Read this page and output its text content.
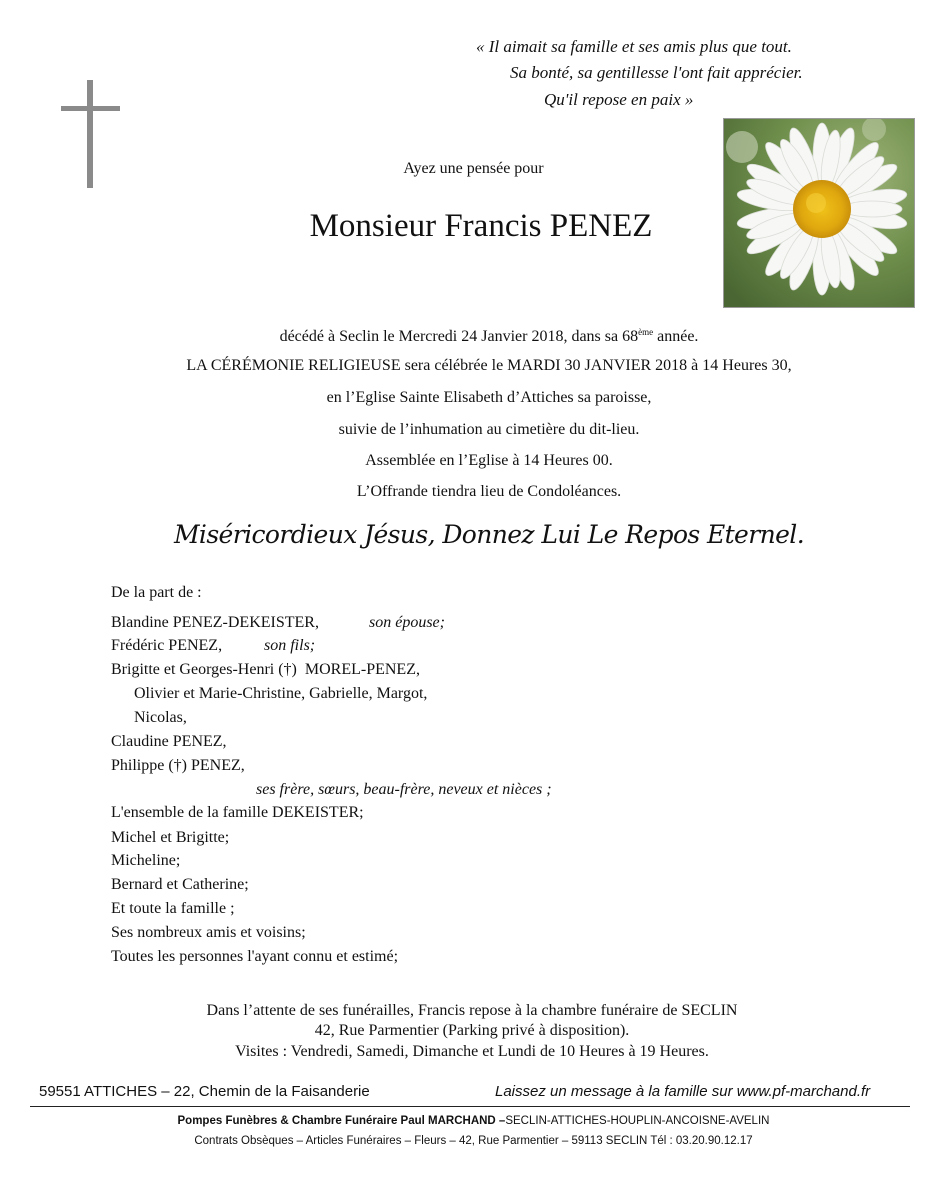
« Il aimait sa famille et ses amis plus que tout.
Sa bonté, sa gentillesse l'ont fait apprécier.
Qu'il repose en paix »
Ayez une pensée pour
Monsieur Francis PENEZ
décédé à Seclin le Mercredi 24 Janvier 2018, dans sa 68ème année.
LA CÉRÉMONIE RELIGIEUSE sera célébrée le MARDI 30 JANVIER 2018 à 14 Heures 30,
en l’Eglise Sainte Elisabeth d’Attiches sa paroisse,
suivie de l’inhumation au cimetière du dit-lieu.
Assemblée en l’Eglise à 14 Heures 00.
L’Offrande tiendra lieu de Condoléances.
Miséricordieux Jésus, Donnez Lui Le Repos Eternel.
De la part de :
Blandine PENEZ-DEKEISTER,	son épouse;
Frédéric PENEZ,	son fils;
Brigitte et Georges-Henri (†)  MOREL-PENEZ,
Olivier et Marie-Christine, Gabrielle, Margot,
Nicolas,
Claudine PENEZ,
Philippe (†) PENEZ,
ses frère, sœurs, beau-frère, neveux et nièces ;
L'ensemble de la famille DEKEISTER;
Michel et Brigitte;
Micheline;
Bernard et Catherine;
Et toute la famille ;
Ses nombreux amis et voisins;
Toutes les personnes l'ayant connu et estimé;
Dans l’attente de ses funérailles, Francis repose à la chambre funéraire de SECLIN
42, Rue Parmentier (Parking privé à disposition).
Visites : Vendredi, Samedi, Dimanche et Lundi de 10 Heures à 19 Heures.
59551 ATTICHES – 22, Chemin de la Faisanderie	Laissez un message à la famille sur www.pf-marchand.fr
Pompes Funèbres & Chambre Funéraire Paul MARCHAND –SECLIN-ATTICHES-HOUPLIN-ANCOISNE-AVELIN
Contrats Obsèques – Articles Funéraires – Fleurs – 42, Rue Parmentier – 59113 SECLIN Tél : 03.20.90.12.17
